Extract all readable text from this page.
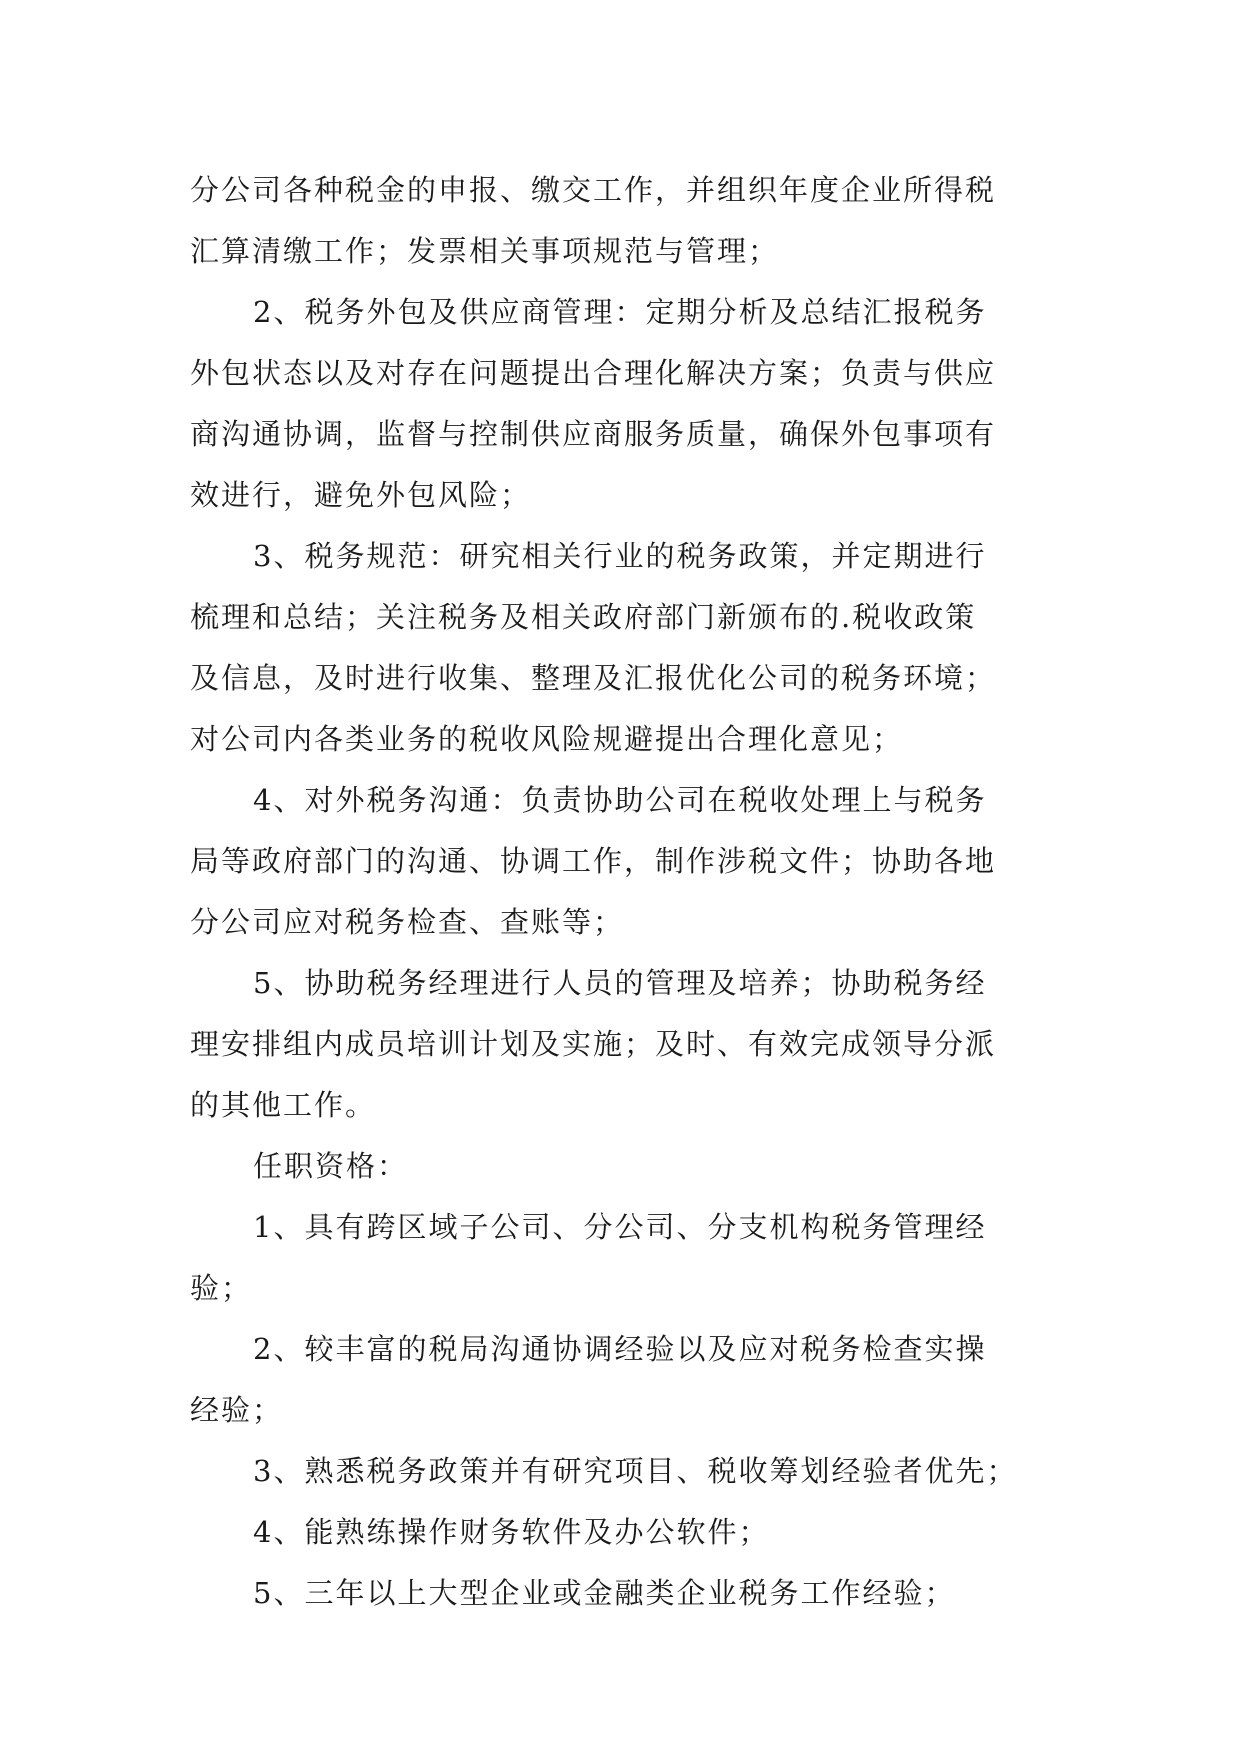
分公司各种税金的申报、缴交工作，并组织年度企业所得税
汇算清缴工作；发票相关事项规范与管理；

2、税务外包及供应商管理：定期分析及总结汇报税务
外包状态以及对存在问题提出合理化解决方案；负责与供应
商沟通协调，监督与控制供应商服务质量，确保外包事项有
效进行，避免外包风险；

3、税务规范：研究相关行业的税务政策，并定期进行
梳理和总结；关注税务及相关政府部门新颁布的.税收政策
及信息，及时进行收集、整理及汇报优化公司的税务环境；
对公司内各类业务的税收风险规避提出合理化意见；

4、对外税务沟通：负责协助公司在税收处理上与税务
局等政府部门的沟通、协调工作，制作涉税文件；协助各地
分公司应对税务检查、查账等；

5、协助税务经理进行人员的管理及培养；协助税务经
理安排组内成员培训计划及实施；及时、有效完成领导分派
的其他工作。

任职资格：

1、具有跨区域子公司、分公司、分支机构税务管理经
验；

2、较丰富的税局沟通协调经验以及应对税务检查实操
经验；

3、熟悉税务政策并有研究项目、税收筹划经验者优先；

4、能熟练操作财务软件及办公软件；

5、三年以上大型企业或金融类企业税务工作经验；
